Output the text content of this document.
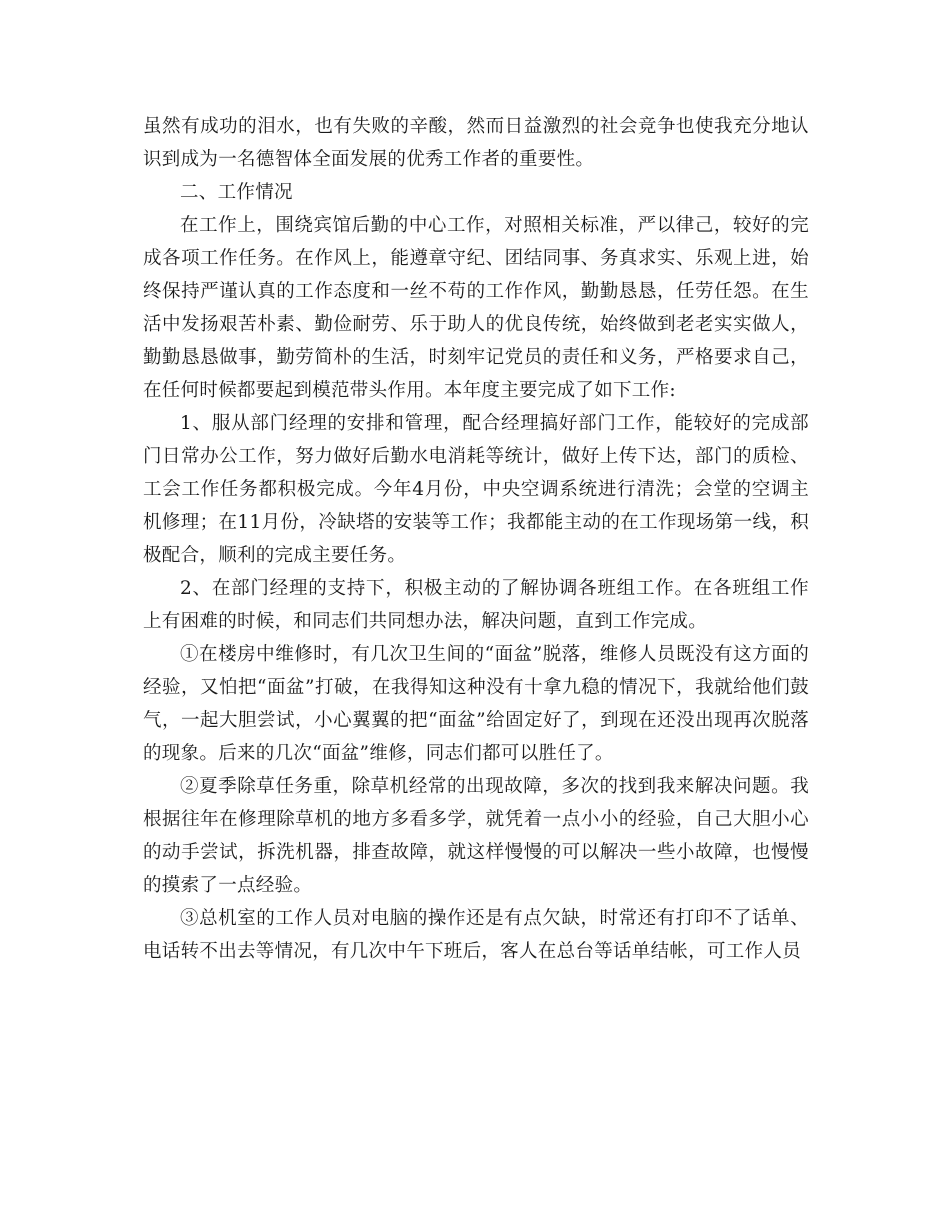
虽然有成功的泪水，也有失败的辛酸，然而日益激烈的社会竞争也使我充分地认识到成为一名德智体全面发展的优秀工作者的重要性。

二、工作情况

在工作上，围绕宾馆后勤的中心工作，对照相关标准，严以律己，较好的完成各项工作任务。在作风上，能遵章守纪、团结同事、务真求实、乐观上进，始终保持严谨认真的工作态度和一丝不苟的工作作风，勤勤恳恳，任劳任怨。在生活中发扬艰苦朴素、勤俭耐劳、乐于助人的优良传统，始终做到老老实实做人，勤勤恳恳做事，勤劳简朴的生活，时刻牢记党员的责任和义务，严格要求自己，在任何时候都要起到模范带头作用。本年度主要完成了如下工作:

1、服从部门经理的安排和管理，配合经理搞好部门工作，能较好的完成部门日常办公工作，努力做好后勤水电消耗等统计，做好上传下达，部门的质检、工会工作任务都积极完成。今年4月份，中央空调系统进行清洗；会堂的空调主机修理；在11月份，冷缺塔的安装等工作；我都能主动的在工作现场第一线，积极配合，顺利的完成主要任务。

2、在部门经理的支持下，积极主动的了解协调各班组工作。在各班组工作上有困难的时候，和同志们共同想办法，解决问题，直到工作完成。

①在楼房中维修时，有几次卫生间的“面盆”脱落，维修人员既没有这方面的经验，又怕把“面盆”打破，在我得知这种没有十拿九稳的情况下，我就给他们鼓气，一起大胆尝试，小心翼翼的把“面盆”给固定好了，到现在还没出现再次脱落的现象。后来的几次“面盆”维修，同志们都可以胜任了。

②夏季除草任务重，除草机经常的出现故障，多次的找到我来解决问题。我根据往年在修理除草机的地方多看多学，就凭着一点小小的经验，自己大胆小心的动手尝试，拆洗机器，排查故障，就这样慢慢的可以解决一些小故障，也慢慢的摸索了一点经验。

③总机室的工作人员对电脑的操作还是有点欠缺，时常还有打印不了话单、电话转不出去等情况，有几次中午下班后，客人在总台等话单结帐，可工作人员
